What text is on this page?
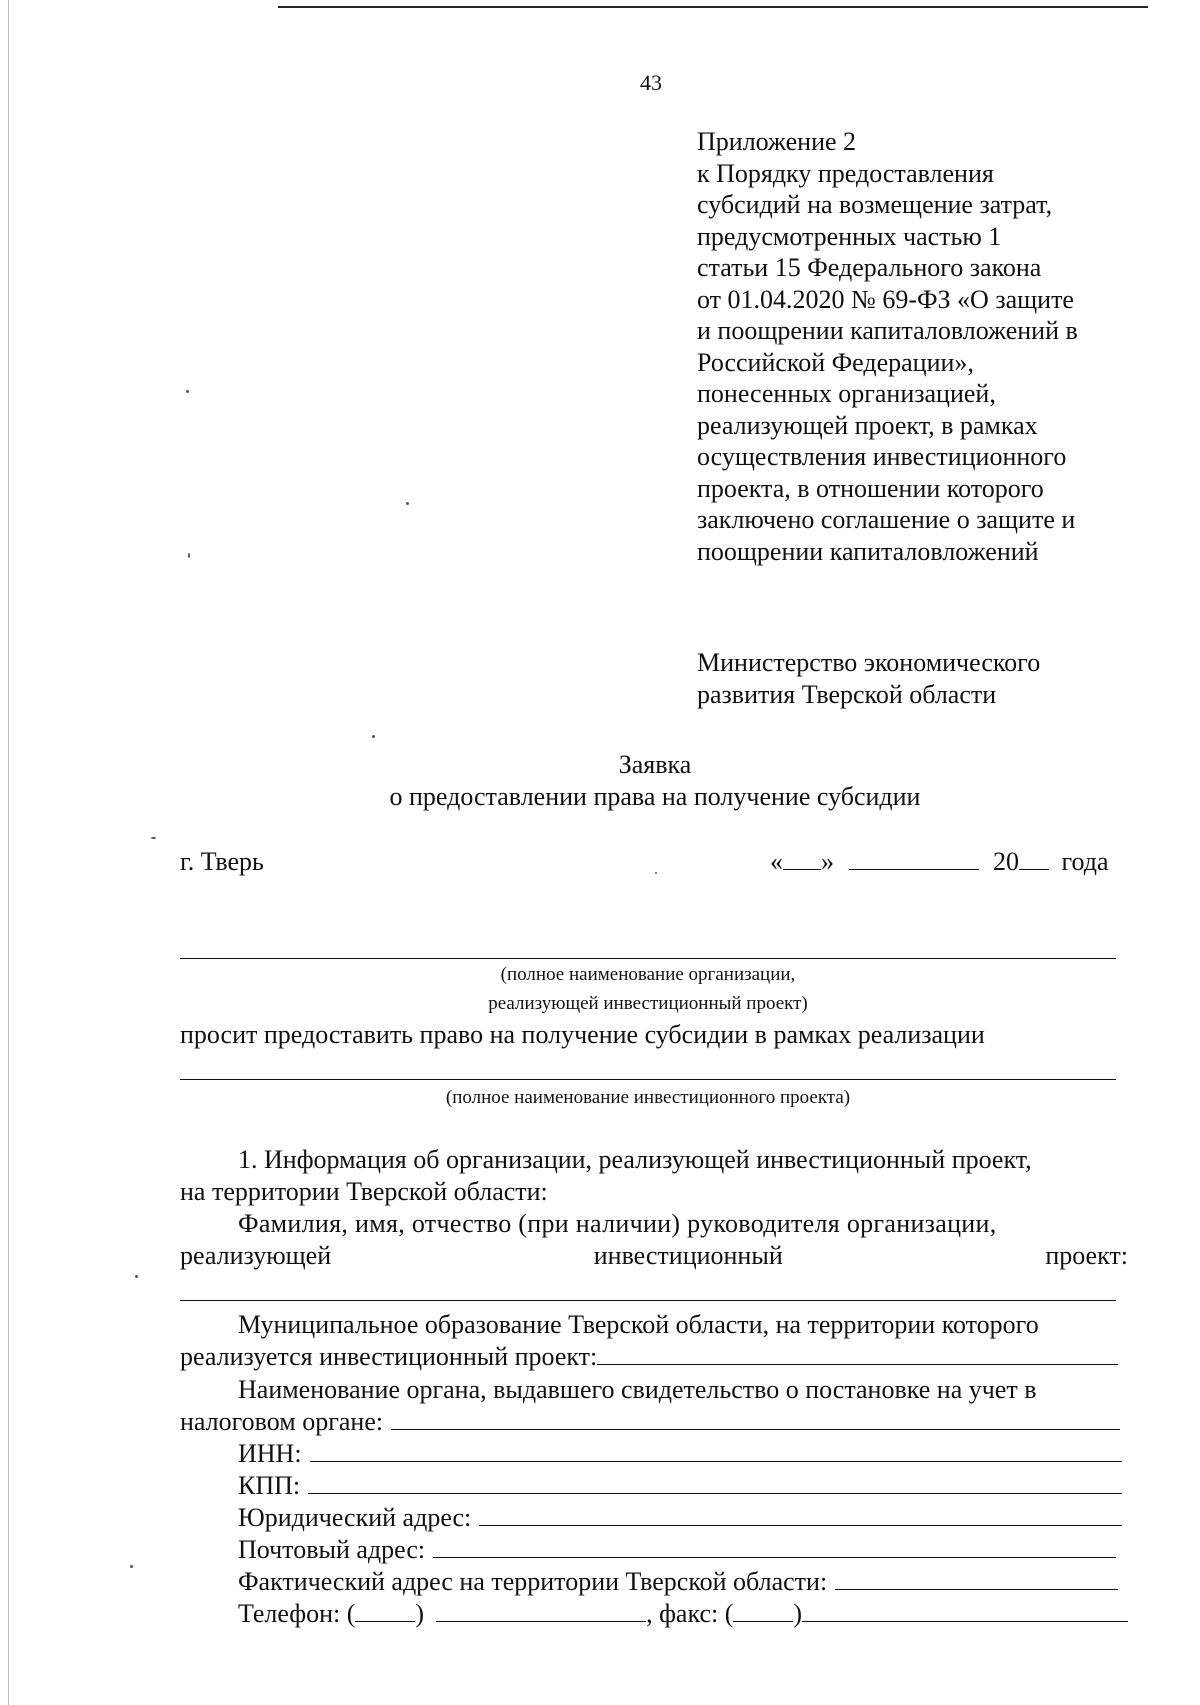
43
Приложение 2
к Порядку предоставления
субсидий на возмещение затрат,
предусмотренных частью 1
статьи 15 Федерального закона
от 01.04.2020 № 69-ФЗ «О защите
и поощрении капиталовложений в
Российской Федерации»,
понесенных организацией,
реализующей проект, в рамках
осуществления инвестиционного
проекта, в отношении которого
заключено соглашение о защите и
поощрении капиталовложений
Министерство экономического
развития Тверской области
Заявка
о предоставлении права на получение субсидии
г. Тверь	« »	20 года
(полное наименование организации,
реализующей инвестиционный проект)
просит предоставить право на получение субсидии в рамках реализации
(полное наименование инвестиционного проекта)
1. Информация об организации, реализующей инвестиционный проект,
на территории Тверской области:
Фамилия, имя, отчество (при наличии) руководителя организации,
реализующей	инвестиционный	проект:
Муниципальное образование Тверской области, на территории которого
реализуется инвестиционный проект:
Наименование органа, выдавшего свидетельство о постановке на учет в
налоговом органе:
ИНН:
КПП:
Юридический адрес:
Почтовый адрес:
Фактический адрес на территории Тверской области:
Телефон: ( )	, факс: ( )
